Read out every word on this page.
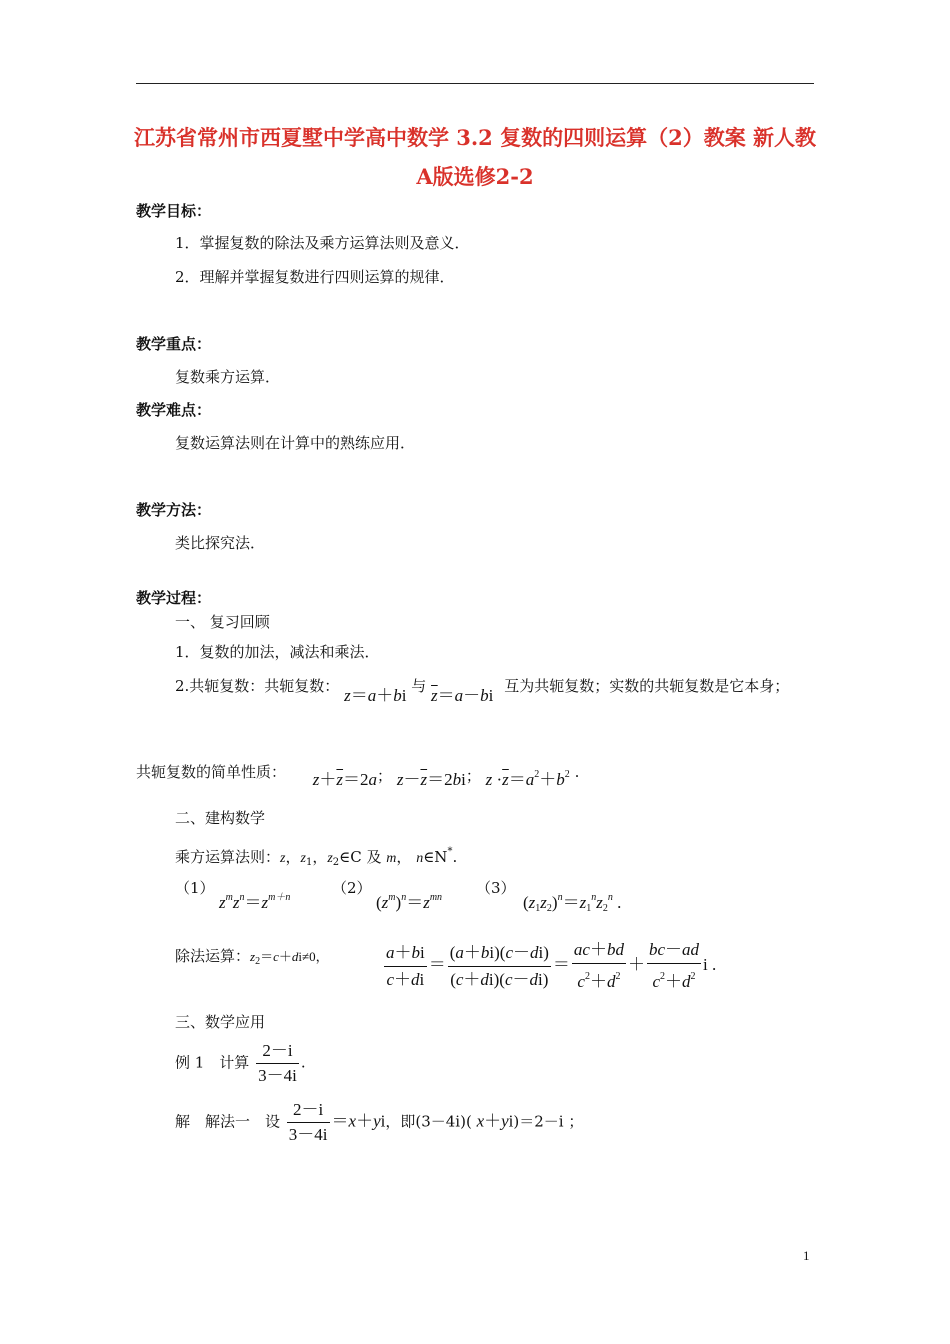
江苏省常州市西夏墅中学高中数学 3.2 复数的四则运算（2）教案 新人教A版选修2-2
教学目标：
1．掌握复数的除法及乘方运算法则及意义．
2．理解并掌握复数进行四则运算的规律．
教学重点：
复数乘方运算．
教学难点：
复数运算法则在计算中的熟练应用．
教学方法：
类比探究法．
教学过程：
一、 复习回顾
1．复数的加法，减法和乘法．
2.共轭复数：共轭复数： z＝a＋bi 与 $\overline{z}=a-bi$ 互为共轭复数；实数的共轭复数是它本身；
共轭复数的简单性质： $z+\overline{z}=2a$； $z-\overline{z}=2bi$； $z \cdot\overline{z}=a^2+b^2$ .
二、建构数学
乘方运算法则：z，$z_1$，$z_2\in C$ 及 m， n∈N*.
（1）
$z^mz^n=z^{m+n}$
（2）
$(z^m)^n=z^{mn}$
（3）
$(z_1z_2)^n=z_1^nz_2^n$ .
除法运算：$z_2=c+di\ne 0$，	$\frac{a+bi}{c+di} = \frac{(a+bi)(c-di)}{(c+di)(c-di)} = \frac{ac+bd}{c^2+d^2} + \frac{bc-ad}{c^2+d^2}$ i .
三、数学应用
例 1　计算 $\frac{2-i}{3-4i}$ .
解　解法一　设 $\frac{2-i}{3-4i} =x+yi$，即(3－4i)( x＋yi)＝2－i ；
1
